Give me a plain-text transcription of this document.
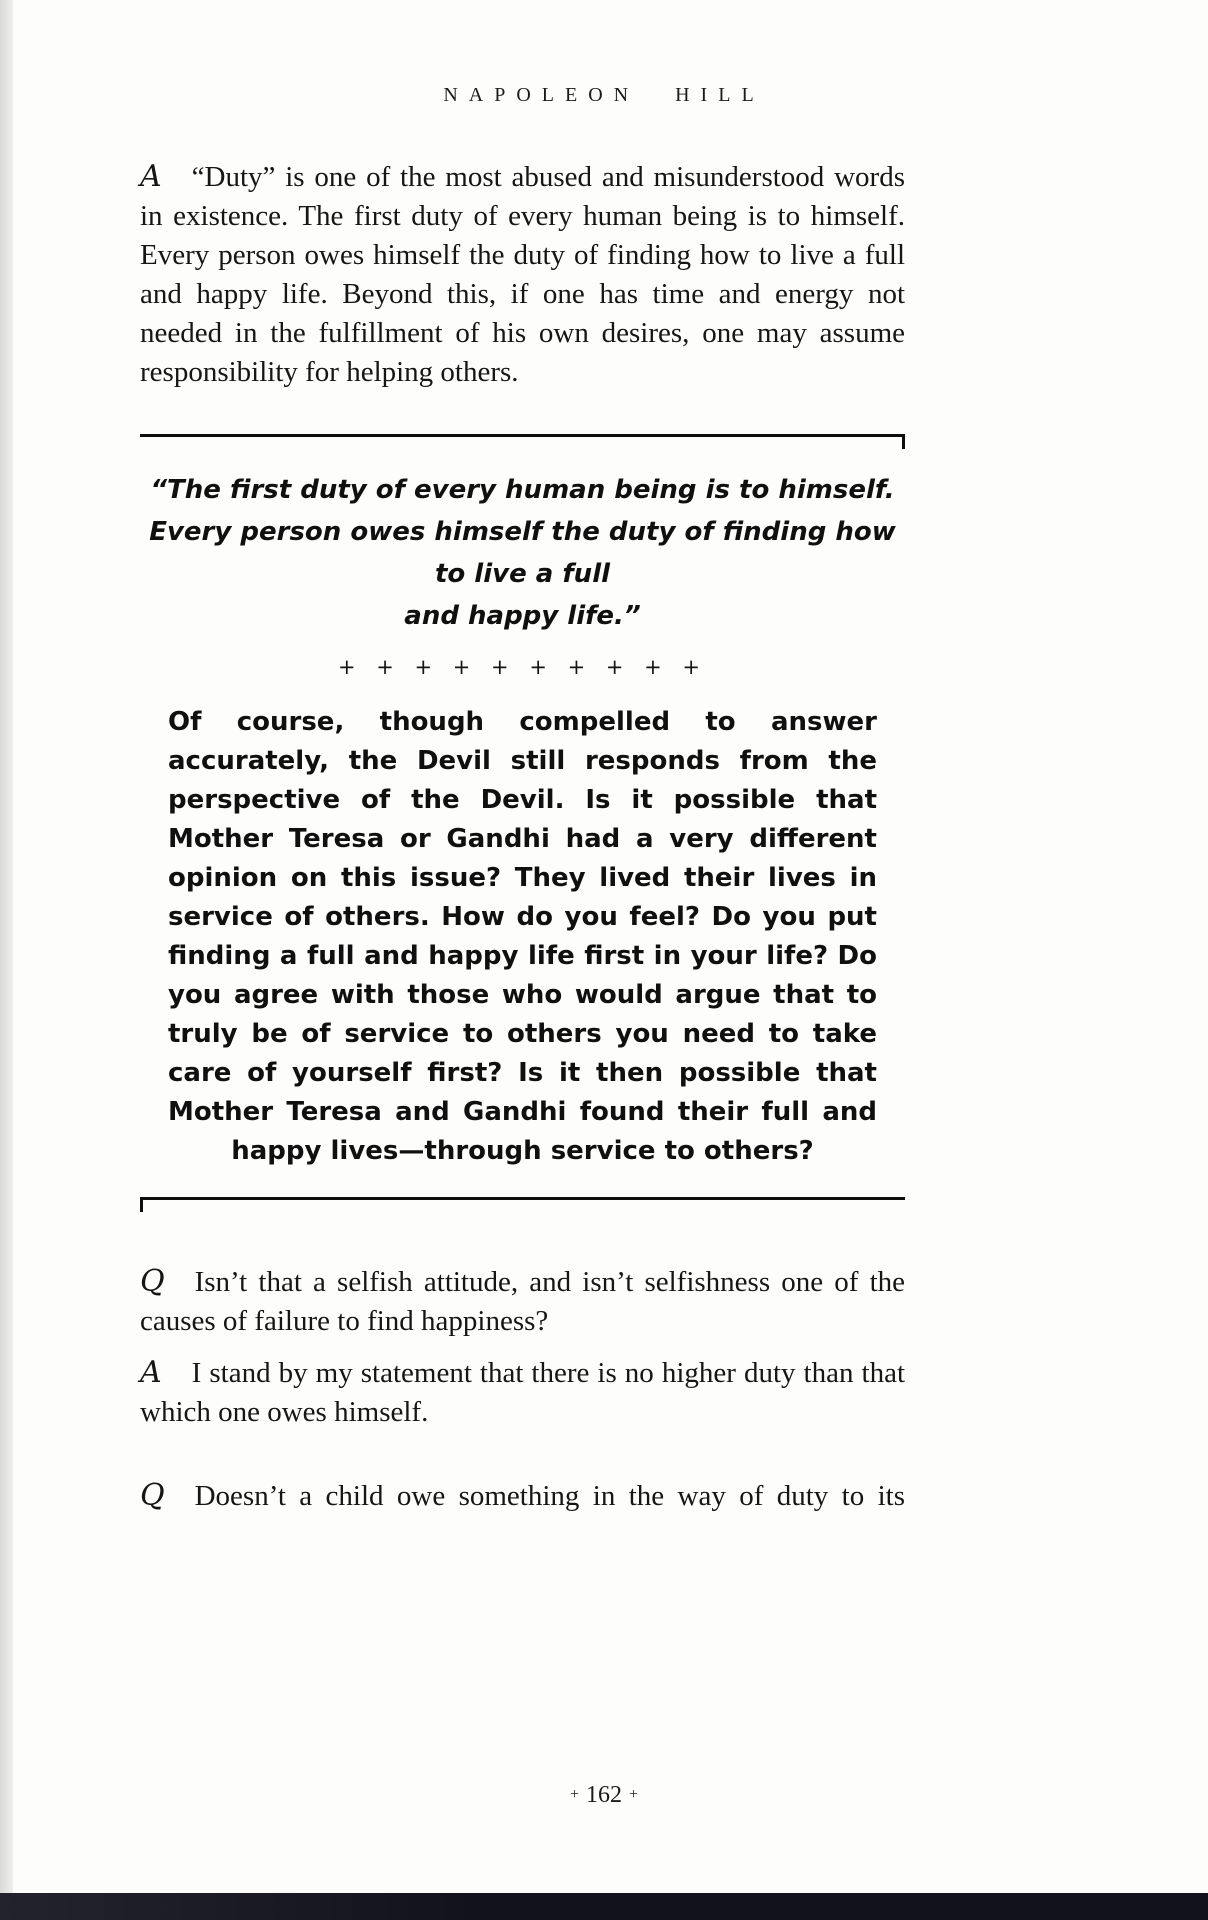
NAPOLEON HILL

A “Duty” is one of the most abused and misunderstood words in existence. The first duty of every human being is to himself. Every person owes himself the duty of finding how to live a full and happy life. Beyond this, if one has time and energy not needed in the fulfillment of his own desires, one may assume responsibility for helping others.

“The first duty of every human being is to himself.
Every person owes himself the duty of finding how to live a full
and happy life.”
+ + + + + + + + + +

Of course, though compelled to answer accurately, the Devil still responds from the perspective of the Devil. Is it possible that Mother Teresa or Gandhi had a very different opinion on this issue? They lived their lives in service of others. How do you feel? Do you put finding a full and happy life first in your life? Do you agree with those who would argue that to truly be of service to others you need to take care of yourself first? Is it then possible that Mother Teresa and Gandhi found their full and happy lives—through service to others?

Q Isn’t that a selfish attitude, and isn’t selfishness one of the causes of failure to find happiness?

A I stand by my statement that there is no higher duty than that which one owes himself.

Q Doesn’t a child owe something in the way of duty to its

+ 162 +
